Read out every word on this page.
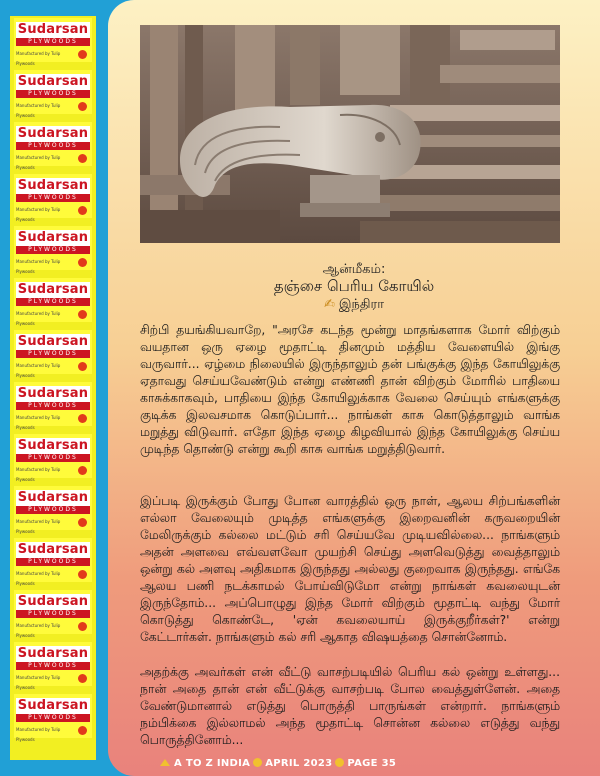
Sudarsan
PLYWOODS
Manufactured by Tulip Plywoods
Sudarsan
PLYWOODS
Manufactured by Tulip Plywoods
Sudarsan
PLYWOODS
Manufactured by Tulip Plywoods
Sudarsan
PLYWOODS
Manufactured by Tulip Plywoods
Sudarsan
PLYWOODS
Manufactured by Tulip Plywoods
Sudarsan
PLYWOODS
Manufactured by Tulip Plywoods
Sudarsan
PLYWOODS
Manufactured by Tulip Plywoods
Sudarsan
PLYWOODS
Manufactured by Tulip Plywoods
Sudarsan
PLYWOODS
Manufactured by Tulip Plywoods
Sudarsan
PLYWOODS
Manufactured by Tulip Plywoods
Sudarsan
PLYWOODS
Manufactured by Tulip Plywoods
Sudarsan
PLYWOODS
Manufactured by Tulip Plywoods
Sudarsan
PLYWOODS
Manufactured by Tulip Plywoods
Sudarsan
PLYWOODS
Manufactured by Tulip Plywoods
ஆன்மீகம்:
தஞ்சை பெரிய கோயில்
✍ இந்திரா

சிற்பி தயங்கியவாறே, "அரசே கடந்த மூன்று மாதங்களாக மோர் விற்கும் வயதான ஒரு ஏழை மூதாட்டி தினமும் மத்திய வேளையில் இங்கு வருவார்... ஏழ்மை நிலையில் இருந்தாலும் தன் பங்குக்கு இந்த கோயிலுக்கு ஏதாவது செய்யவேண்டும் என்று எண்ணி தான் விற்கும் மோரில் பாதியை காசுக்காகவும், பாதியை இந்த கோயிலுக்காக வேலை செய்யும் எங்களுக்கு குடிக்க இலவசமாக கொடுப்பார்... நாங்கள் காசு கொடுத்தாலும் வாங்க மறுத்து விடுவார். எதோ இந்த ஏழை கிழவியால் இந்த கோயிலுக்கு செய்ய முடிந்த தொண்டு என்று கூறி காசு வாங்க மறுத்திடுவார்.

இப்படி இருக்கும் போது போன வாரத்தில் ஒரு நாள், ஆலய சிற்பங்களின் எல்லா வேலையும் முடித்த எங்களுக்கு இறைவனின் கருவறையின் மேலிருக்கும் கல்லை மட்டும் சரி செய்யவே முடியவில்லை... நாங்களும் அதன் அளவை எவ்வளவோ முயற்சி செய்து அளவெடுத்து வைத்தாலும் ஒன்று கல் அளவு அதிகமாக இருந்தது அல்லது குறைவாக இருந்தது. எங்கே ஆலய பணி நடக்காமல் போய்விடுமோ என்று நாங்கள் கவலையுடன் இருந்தோம்... அப்பொழுது இந்த மோர் விற்கும் மூதாட்டி வந்து மோர் கொடுத்து கொண்டே, 'ஏன் கவலையாய் இருக்குறீர்கள்?' என்று கேட்டார்கள். நாங்களும் கல் சரி ஆகாத விஷயத்தை சொன்னோம்.

அதற்க்கு அவர்கள் என் வீட்டு வாசற்படியில் பெரிய கல் ஒன்று உள்ளது... நான் அதை தான் என் வீட்டுக்கு வாசற்படி போல வைத்துள்ளேன். அதை வேண்டுமானால் எடுத்து பொருத்தி பாருங்கள் என்றார். நாங்களும் நம்பிக்கை இல்லாமல் அந்த மூதாட்டி சொன்ன கல்லை எடுத்து வந்து பொருத்தினோம்...

A TO Z INDIA APRIL 2023 PAGE 35
